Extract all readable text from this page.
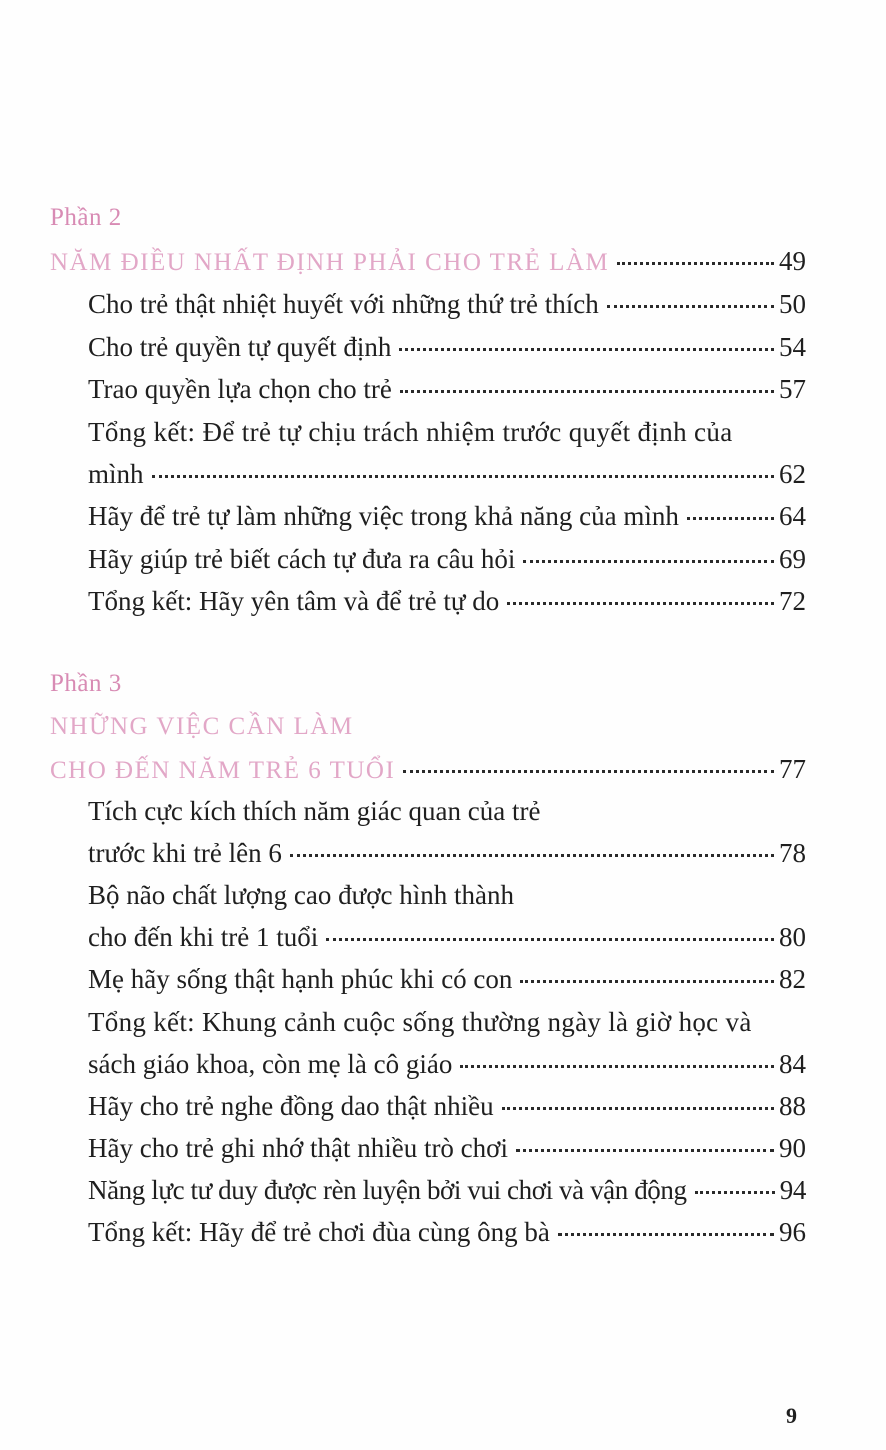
Phần 2
NĂM ĐIỀU NHẤT ĐỊNH PHẢI CHO TRẺ LÀM	49
Cho trẻ thật nhiệt huyết với những thứ trẻ thích	50
Cho trẻ quyền tự quyết định	54
Trao quyền lựa chọn cho trẻ	57
Tổng kết: Để trẻ tự chịu trách nhiệm trước quyết định của
mình	62
Hãy để trẻ tự làm những việc trong khả năng của mình	64
Hãy giúp trẻ biết cách tự đưa ra câu hỏi	69
Tổng kết: Hãy yên tâm và để trẻ tự do	72
Phần 3
NHỮNG VIỆC CẦN LÀM
CHO ĐẾN NĂM TRẺ 6 TUỔI	77
Tích cực kích thích năm giác quan của trẻ
trước khi trẻ lên 6	78
Bộ não chất lượng cao được hình thành
cho đến khi trẻ 1 tuổi	80
Mẹ hãy sống thật hạnh phúc khi có con	82
Tổng kết: Khung cảnh cuộc sống thường ngày là giờ học và
sách giáo khoa, còn mẹ là cô giáo	84
Hãy cho trẻ nghe đồng dao thật nhiều	88
Hãy cho trẻ ghi nhớ thật nhiều trò chơi	90
Năng lực tư duy được rèn luyện bởi vui chơi và vận động	94
Tổng kết: Hãy để trẻ chơi đùa cùng ông bà	96
9
